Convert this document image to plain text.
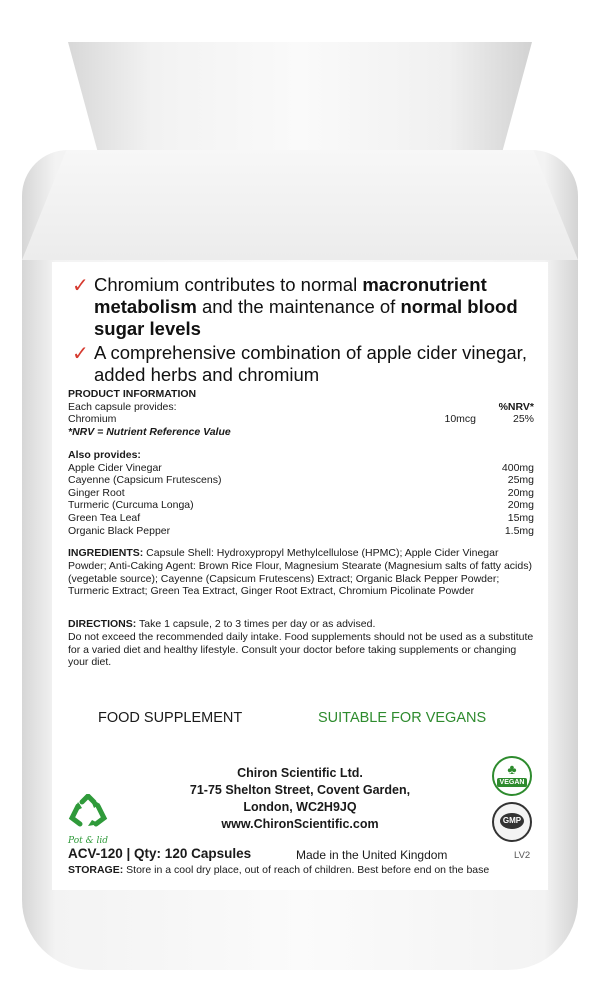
✓ Chromium contributes to normal macronutrient metabolism and the maintenance of normal blood sugar levels
✓ A comprehensive combination of apple cider vinegar, added herbs and chromium
PRODUCT INFORMATION
Each capsule provides:	%NRV*
Chromium	10mcg	25%
*NRV = Nutrient Reference Value
Also provides:
Apple Cider Vinegar	400mg
Cayenne (Capsicum Frutescens)	25mg
Ginger Root	20mg
Turmeric (Curcuma Longa)	20mg
Green Tea Leaf	15mg
Organic Black Pepper	1.5mg
INGREDIENTS: Capsule Shell: Hydroxypropyl Methylcellulose (HPMC); Apple Cider Vinegar Powder; Anti-Caking Agent: Brown Rice Flour, Magnesium Stearate (Magnesium salts of fatty acids) (vegetable source); Cayenne (Capsicum Frutescens) Extract; Organic Black Pepper Powder; Turmeric Extract; Green Tea Extract, Ginger Root Extract, Chromium Picolinate Powder
DIRECTIONS: Take 1 capsule, 2 to 3 times per day or as advised.
Do not exceed the recommended daily intake. Food supplements should not be used as a substitute for a varied diet and healthy lifestyle. Consult your doctor before taking supplements or changing your diet.
FOOD SUPPLEMENT	SUITABLE FOR VEGANS
Chiron Scientific Ltd.
71-75 Shelton Street, Covent Garden,
London, WC2H9JQ
www.ChironScientific.com
Pot & lid
♣
VEGAN
GMP
ACV-120 | Qty: 120 Capsules	Made in the United Kingdom	LV2
STORAGE: Store in a cool dry place, out of reach of children. Best before end on the base
